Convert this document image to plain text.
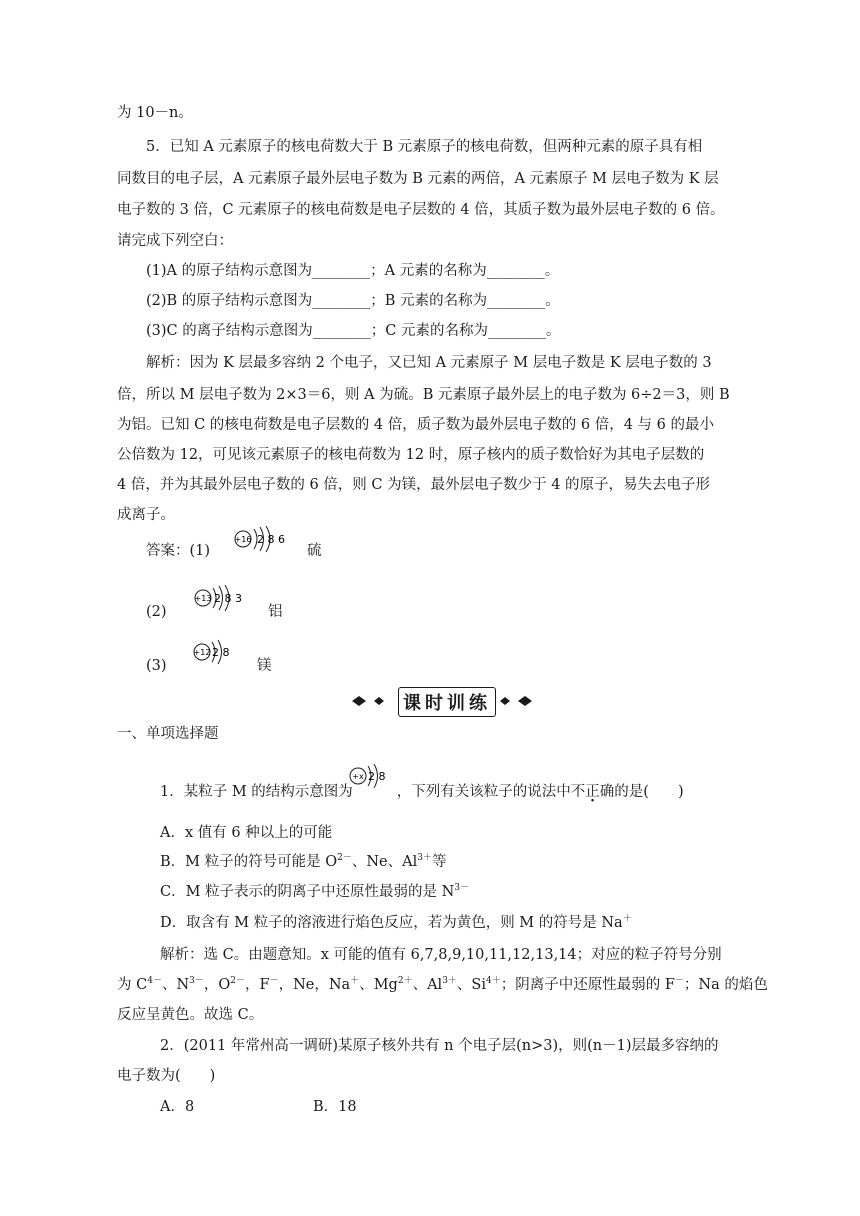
为 10－n。
5．已知 A 元素原子的核电荷数大于 B 元素原子的核电荷数，但两种元素的原子具有相
同数目的电子层，A 元素原子最外层电子数为 B 元素的两倍，A 元素原子 M 层电子数为 K 层
电子数的 3 倍，C 元素原子的核电荷数是电子层数的 4 倍，其质子数为最外层电子数的 6 倍。
请完成下列空白：
(1)A 的原子结构示意图为________；A 元素的名称为________。
(2)B 的原子结构示意图为________；B 元素的名称为________。
(3)C 的离子结构示意图为________；C 元素的名称为________。
解析：因为 K 层最多容纳 2 个电子，又已知 A 元素原子 M 层电子数是 K 层电子数的 3
倍，所以 M 层电子数为 2×3＝6，则 A 为硫。B 元素原子最外层上的电子数为 6÷2＝3，则 B
为铝。已知 C 的核电荷数是电子层数的 4 倍，质子数为最外层电子数的 6 倍，4 与 6 的最小
公倍数为 12，可见该元素原子的核电荷数为 12 时，原子核内的质子数恰好为其电子层数的
4 倍，并为其最外层电子数的 6 倍，则 C 为镁，最外层电子数少于 4 的原子，易失去电子形
成离子。
答案：(1)
+16 2 8 6
硫
(2)
+13 2 8 3
铝
(3)
+12 2 8
镁
课时训练
一、单项选择题
1．某粒子 M 的结构示意图为	，下列有关该粒子的说法中不正确的是(　　)
+x 2 8
A．x 值有 6 种以上的可能
B．M 粒子的符号可能是 $O^{2-}$、Ne、$Al^{3+}$等
C．M 粒子表示的阴离子中还原性最弱的是 $N^{3-}$
D．取含有 M 粒子的溶液进行焰色反应，若为黄色，则 M 的符号是 Na＋
解析：选 C。由题意知。x 可能的值有 6,7,8,9,10,11,12,13,14；对应的粒子符号分别
为 $C^{4-}$、$N^{3-}$，$O^{2-}$，F－，Ne，Na＋、$Mg^{2+}$、$Al^{3+}$、$Si^{4+}$；阴离子中还原性最弱的 F－；Na 的焰色
反应呈黄色。故选 C。
2．(2011 年常州高一调研)某原子核外共有 n 个电子层(n>3)，则(n－1)层最多容纳的
电子数为(　　)
A．8	B．18
